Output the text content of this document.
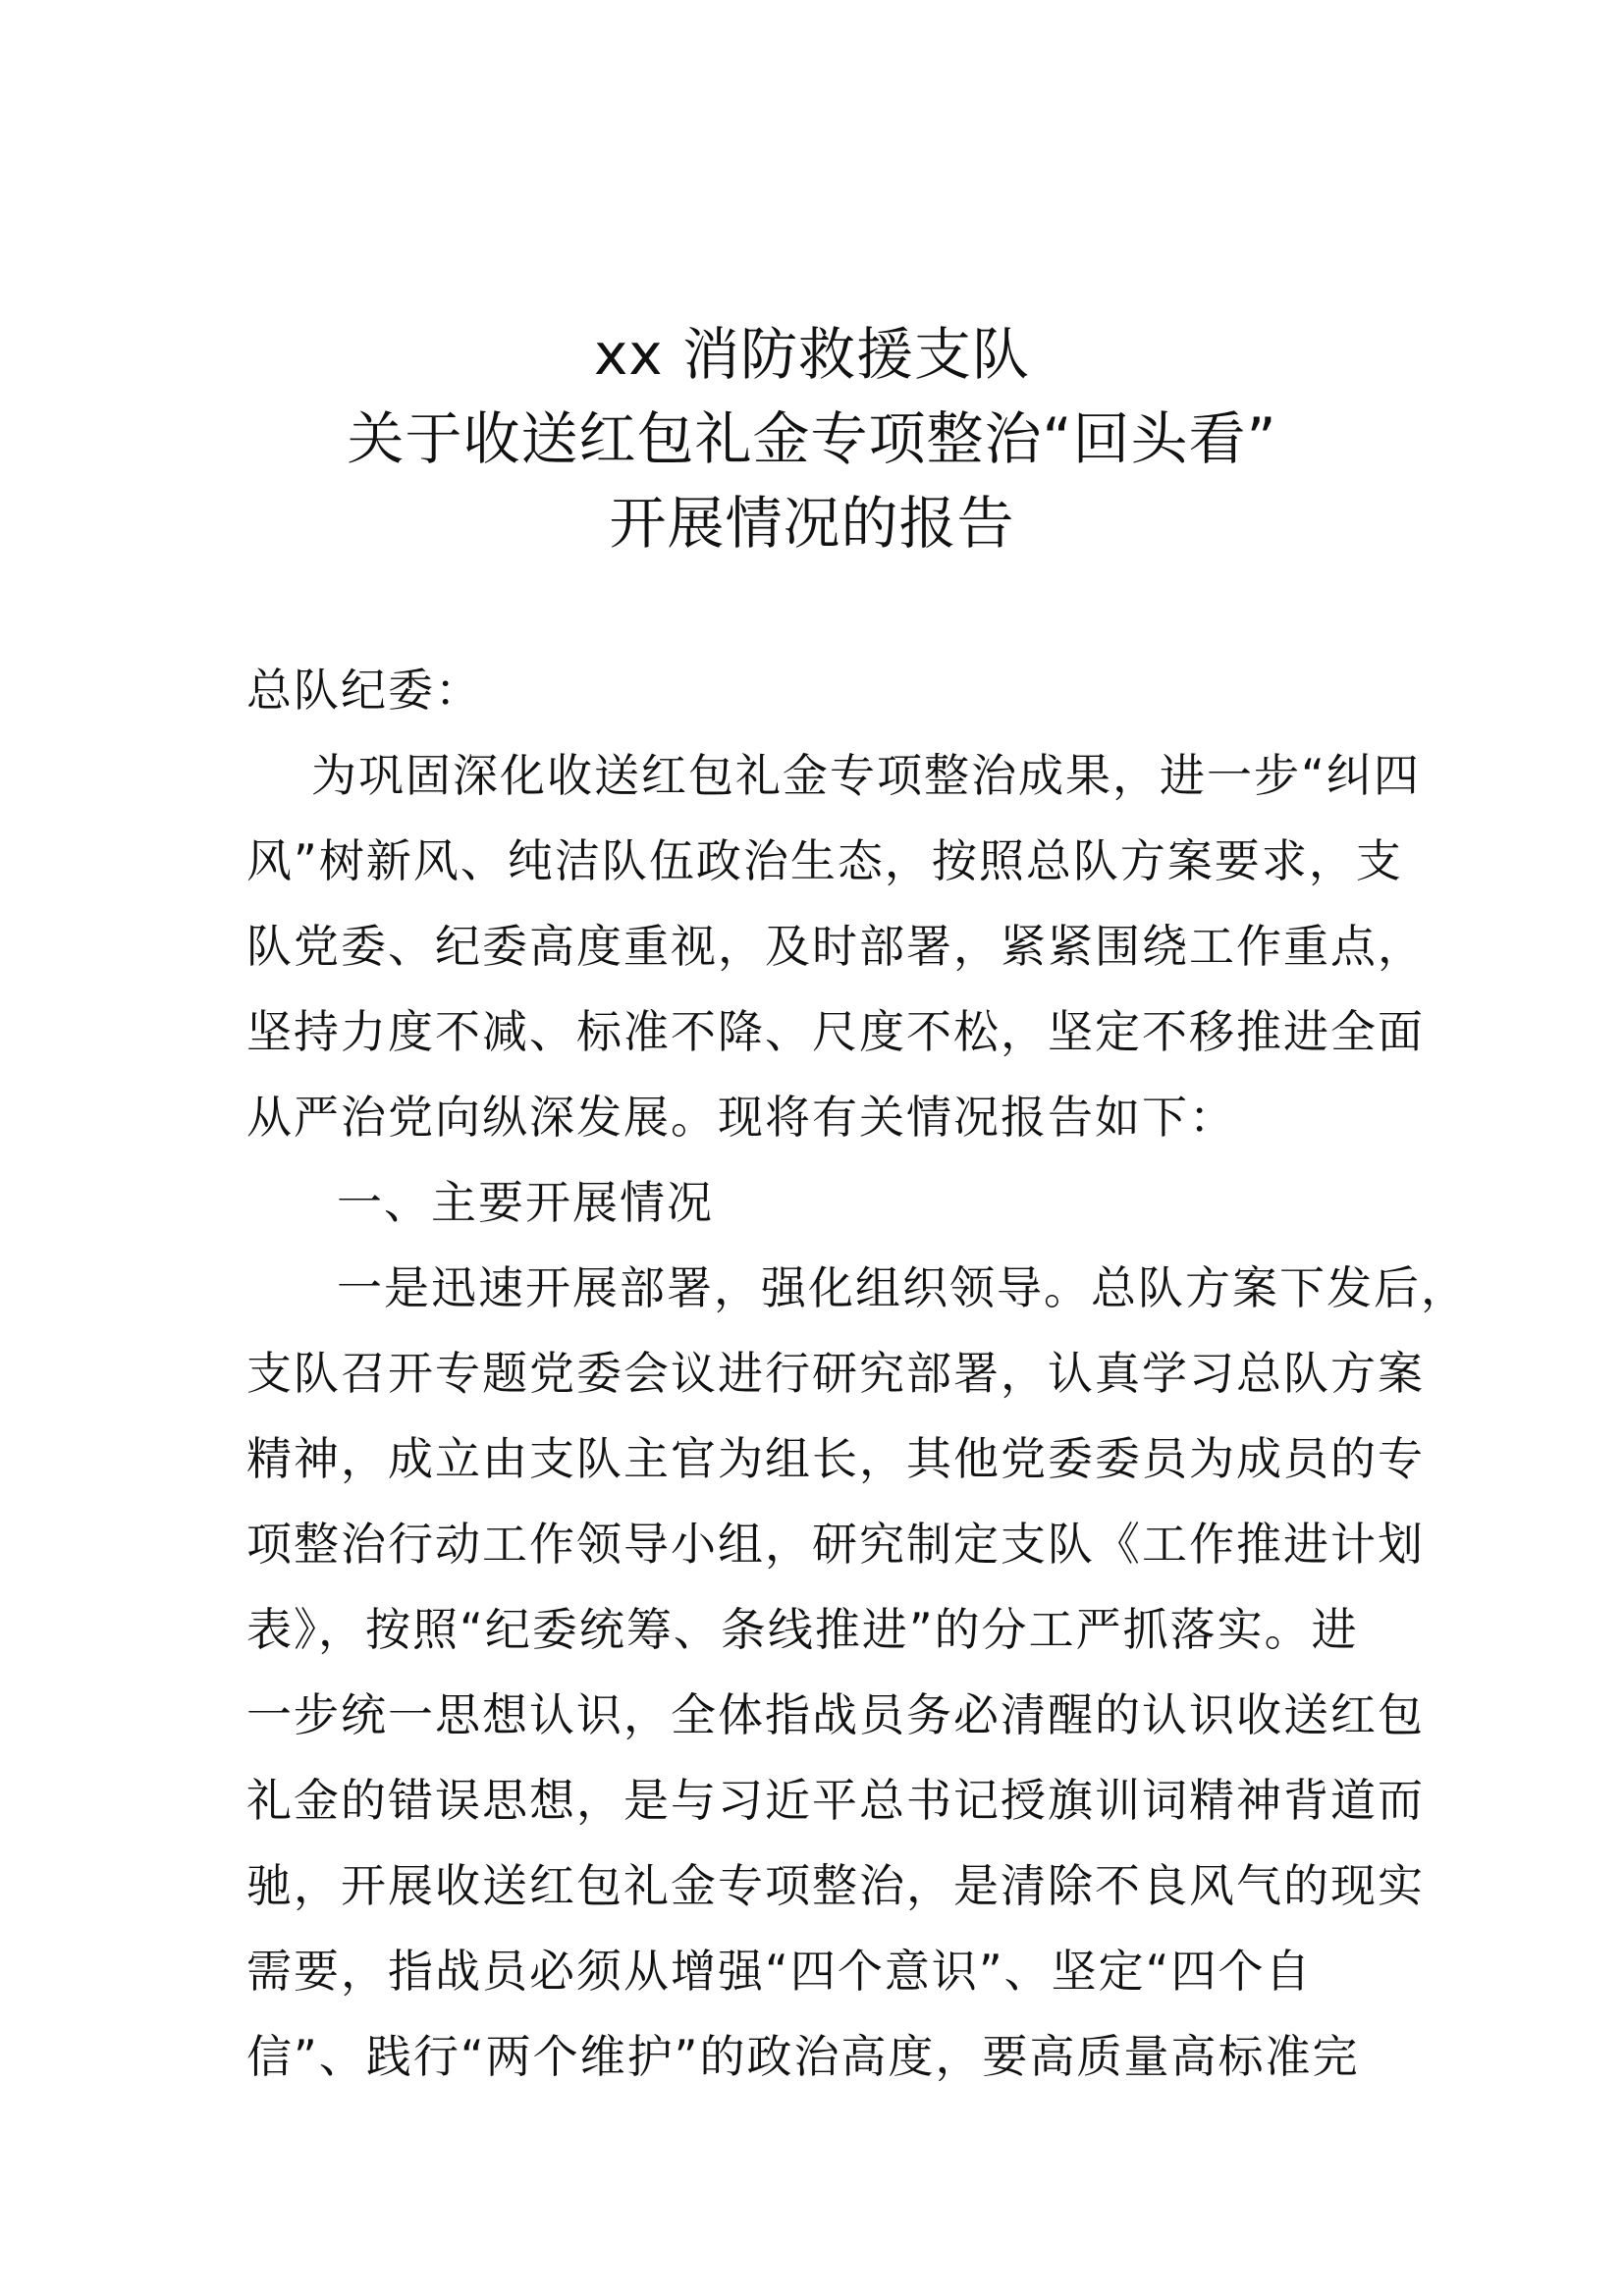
xx 消防救援支队
关于收送红包礼金专项整治“回头看”
开展情况的报告
总队纪委：
为巩固深化收送红包礼金专项整治成果，进一步“纠四
风”树新风、纯洁队伍政治生态，按照总队方案要求，支
队党委、纪委高度重视，及时部署，紧紧围绕工作重点，
坚持力度不减、标准不降、尺度不松，坚定不移推进全面
从严治党向纵深发展。现将有关情况报告如下：
一、主要开展情况
一是迅速开展部署，强化组织领导。总队方案下发后，
支队召开专题党委会议进行研究部署，认真学习总队方案
精神，成立由支队主官为组长，其他党委委员为成员的专
项整治行动工作领导小组，研究制定支队《工作推进计划
表》，按照“纪委统筹、条线推进”的分工严抓落实。进
一步统一思想认识，全体指战员务必清醒的认识收送红包
礼金的错误思想，是与习近平总书记授旗训词精神背道而
驰，开展收送红包礼金专项整治，是清除不良风气的现实
需要，指战员必须从增强“四个意识”、坚定“四个自
信”、践行“两个维护”的政治高度，要高质量高标准完
